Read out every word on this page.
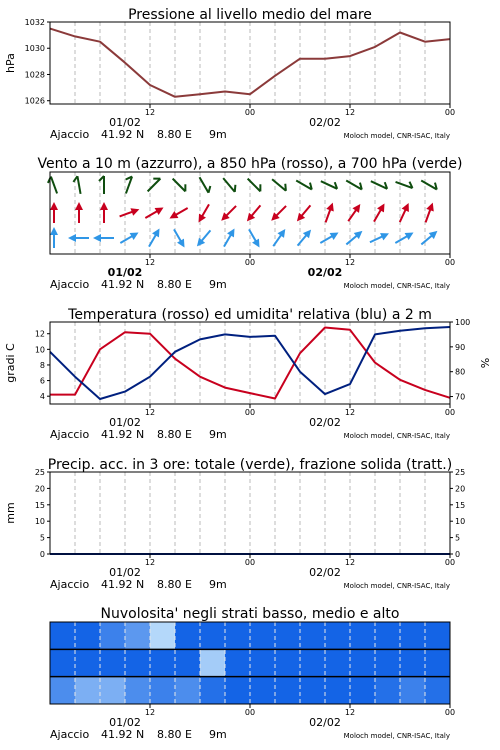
Pressione al livello medio del mare
1026
1028
1030
1032
hPa
12	00	12	00
01/02	02/02
Ajaccio 41.92 N 8.80 E 9m	Moloch model, CNR-ISAC, Italy
Vento a 10 m (azzurro), a 850 hPa (rosso), a 700 hPa (verde)
12	00	12	00
01/02	02/02
Ajaccio 41.92 N 8.80 E 9m	Moloch model, CNR-ISAC, Italy
Temperatura (rosso) ed umidita' relativa (blu) a 2 m
4
6
8
10
12
70
80
90
100
gradi C	%
12	00	12	00
01/02	02/02
Ajaccio 41.92 N 8.80 E 9m	Moloch model, CNR-ISAC, Italy
Precip. acc. in 3 ore: totale (verde), frazione solida (tratt.)
0
5
10
15
20
25
0
5
10
15
20
25
mm
12	00	12	00
01/02	02/02
Ajaccio 41.92 N 8.80 E 9m	Moloch model, CNR-ISAC, Italy
Nuvolosita' negli strati basso, medio e alto
12	00	12	00
01/02	02/02
Ajaccio 41.92 N 8.80 E 9m	Moloch model, CNR-ISAC, Italy
